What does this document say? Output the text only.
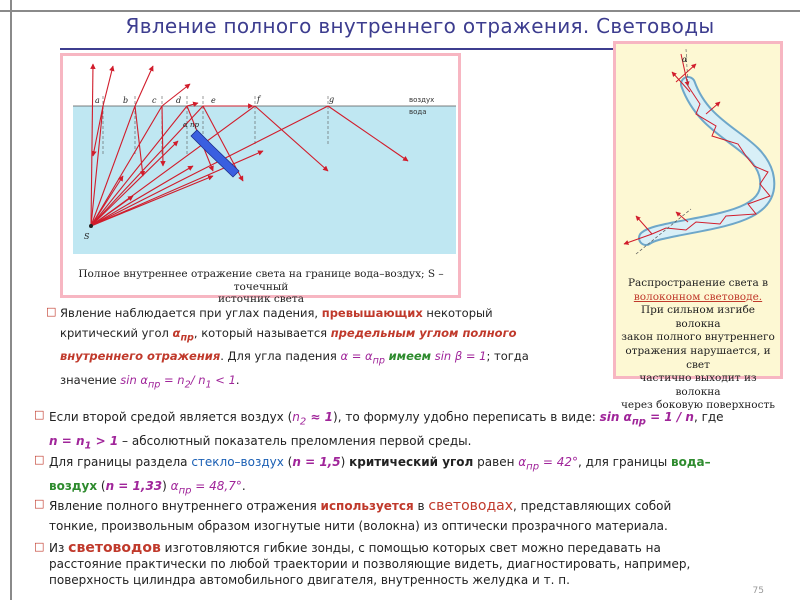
Явление полного внутреннего отражения. Световоды
a	b	c d	e	f	g
S
α пр
воздух
вода
Полное внутреннее отражение света на границе вода–воздух; S – точечный
источник света
α
Распространение света в
волоконном световоде.
При сильном изгибе волокна
закон полного внутреннего
отражения нарушается, и свет
частично выходит из волокна
через боковую поверхность
□ Явление наблюдается при углах падения, превышающих некоторый
критический угол $\alpha_{пр}$, который называется предельным углом полного
внутреннего отражения. Для угла падения $\alpha = \alpha_{пр}$ имеем sin β = 1; тогда
значение $\sin \alpha_{пр} = n_2/$ $n_1 < 1$.
□ Если второй средой является воздух $(n_2 \approx 1)$, то формулу удобно переписать в виде: $\sin \alpha_{пр} = 1 / n$, где
$n = n_1 > 1$ – абсолютный показатель преломления первой среды.
□ Для границы раздела стекло–воздух (n = 1,5) критический угол равен $\alpha_{пр} = 42^\circ$, для границы вода–
воздух (n = 1,33) $\alpha_{пр} = 48,7^\circ$.
□ Явление полного внутреннего отражения используется в световодах, представляющих собой
тонкие, произвольным образом изогнутые нити (волокна) из оптически прозрачного материала.
□ Из световодов изготовляются гибкие зонды, с помощью которых свет можно передавать на
расстояние практически по любой траектории и позволяющие видеть, диагностировать, например,
поверхность цилиндра автомобильного двигателя, внутренность желудка и т. п.
75
